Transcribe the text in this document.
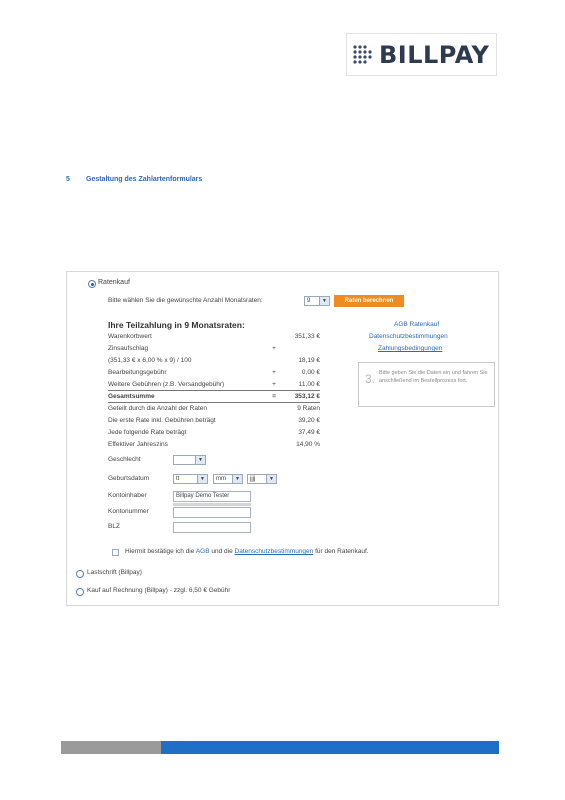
BILLPAY
5 Gestaltung des Zahlartenformulars
Ratenkauf
Bitte wählen Sie die gewünschte Anzahl Monatsraten:	9	▼	Raten berechnen
Ihre Teilzahlung in 9 Monatsraten:
Warenkorbwert	351,33 €
Zinsaufschlag	+
(351,33 € x 6,00 % x 9) / 100	18,19 €
Bearbeitungsgebühr	+	0,00 €
Weitere Gebühren (z.B. Versandgebühr)	+	11,00 €
Gesamtsumme	=	353,12 €
Geteilt durch die Anzahl der Raten	9 Raten
Die erste Rate inkl. Gebühren beträgt	39,20 €
Jede folgende Rate beträgt	37,49 €
Effektiver Jahreszins	14,90 %
AGB Ratenkauf
Datenschutzbestimmungen
Zahlungsbedingungen
3. Bitte geben Sie die Daten ein und fahren Sie anschließend im Bestellprozess fort.
Geschlecht	▼
Geburtsdatum	tt	▼	mm	▼	jjjj	▼
Kontoinhaber	Billpay Demo Tester
Kontonummer
BLZ
Hiermit bestätige ich die AGB und die Datenschutzbestimmungen für den Ratenkauf.
Lastschrift (Billpay)
Kauf auf Rechnung (Billpay) - zzgl. 6,50 € Gebühr
